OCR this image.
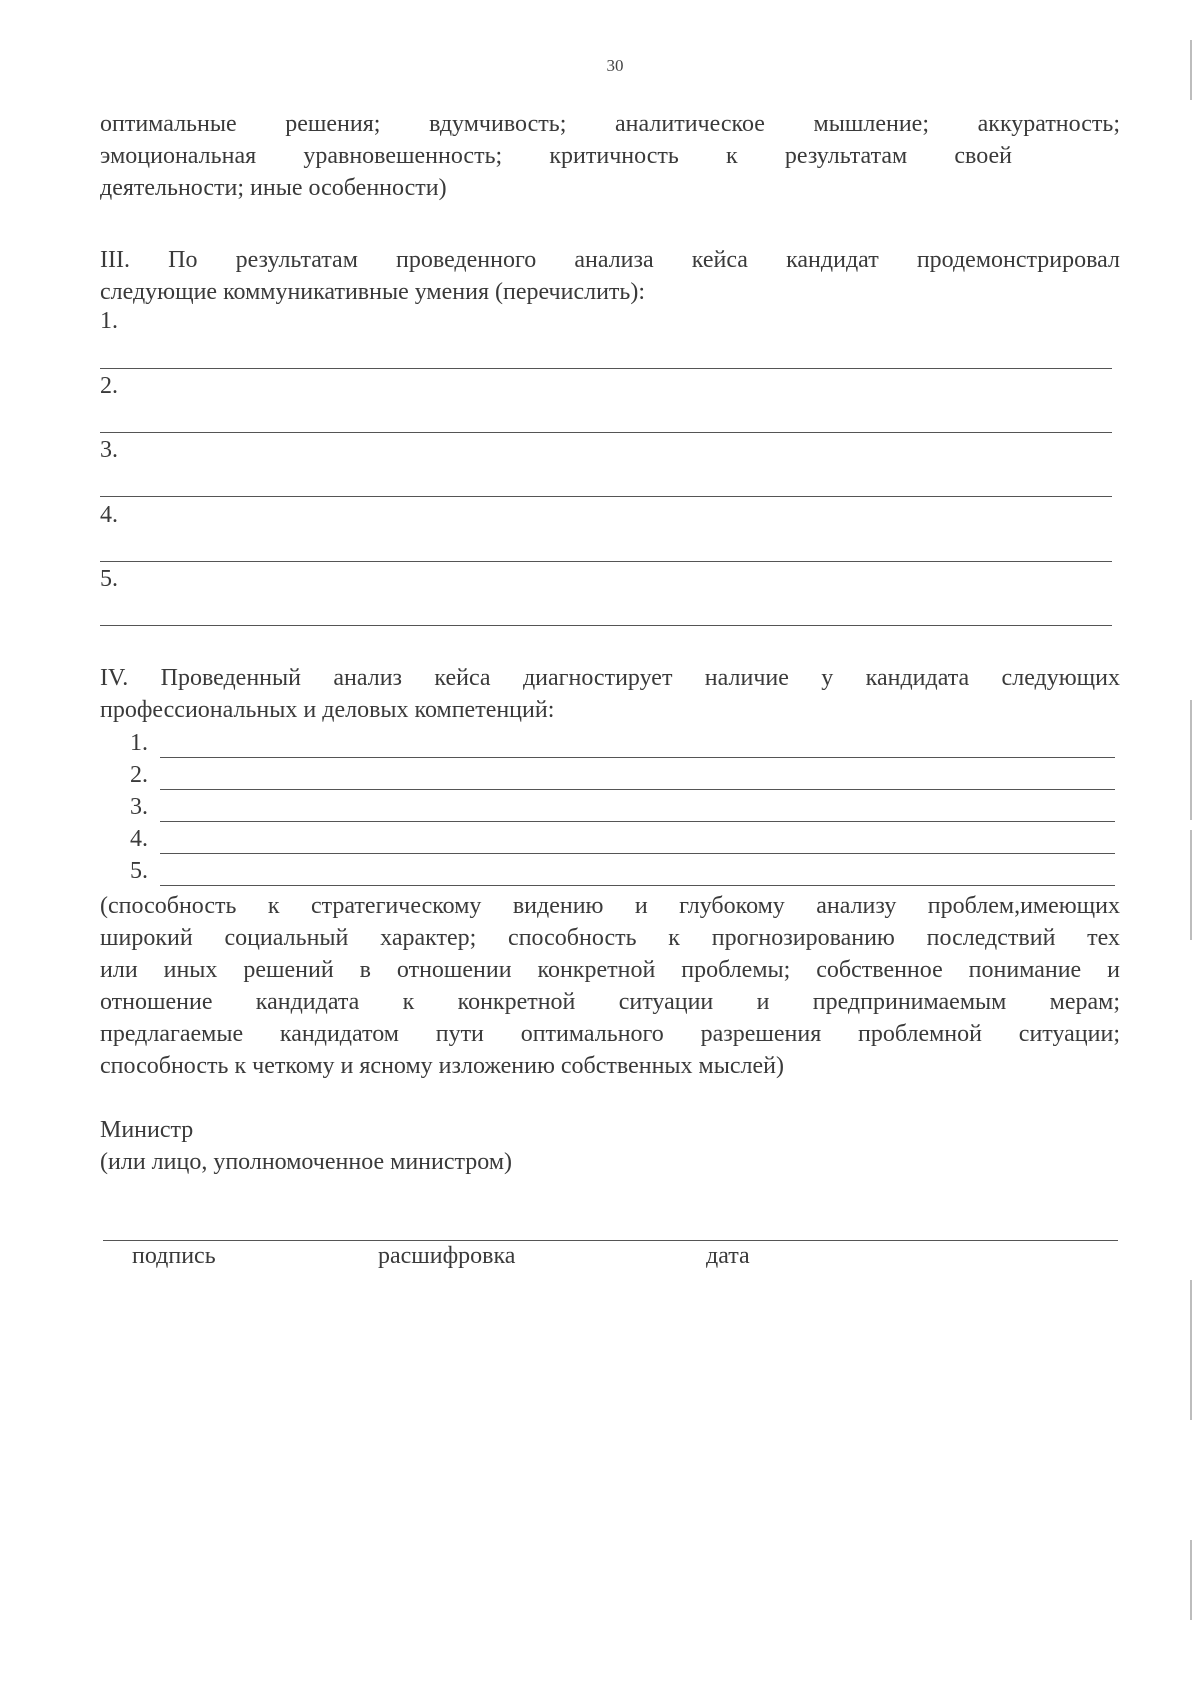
30
оптимальные решения; вдумчивость; аналитическое мышление; аккуратность;
эмоциональная уравновешенность; критичность к результатам своей
деятельности; иные особенности)
III. По результатам проведенного анализа кейса кандидат продемонстрировал
следующие коммуникативные умения (перечислить):
1.
2.
3.
4.
5.
IV. Проведенный анализ кейса диагностирует наличие у кандидата следующих
профессиональных и деловых компетенций:
1.
2.
3.
4.
5.
(способность к стратегическому видению и глубокому анализу проблем,имеющих
широкий социальный характер; способность к прогнозированию последствий тех
или иных решений в отношении конкретной проблемы; собственное понимание и
отношение кандидата к конкретной ситуации и предпринимаемым мерам;
предлагаемые кандидатом пути оптимального разрешения проблемной ситуации;
способность к четкому и ясному изложению собственных мыслей)
Министр
(или лицо, уполномоченное министром)
подпись	расшифровка	дата
